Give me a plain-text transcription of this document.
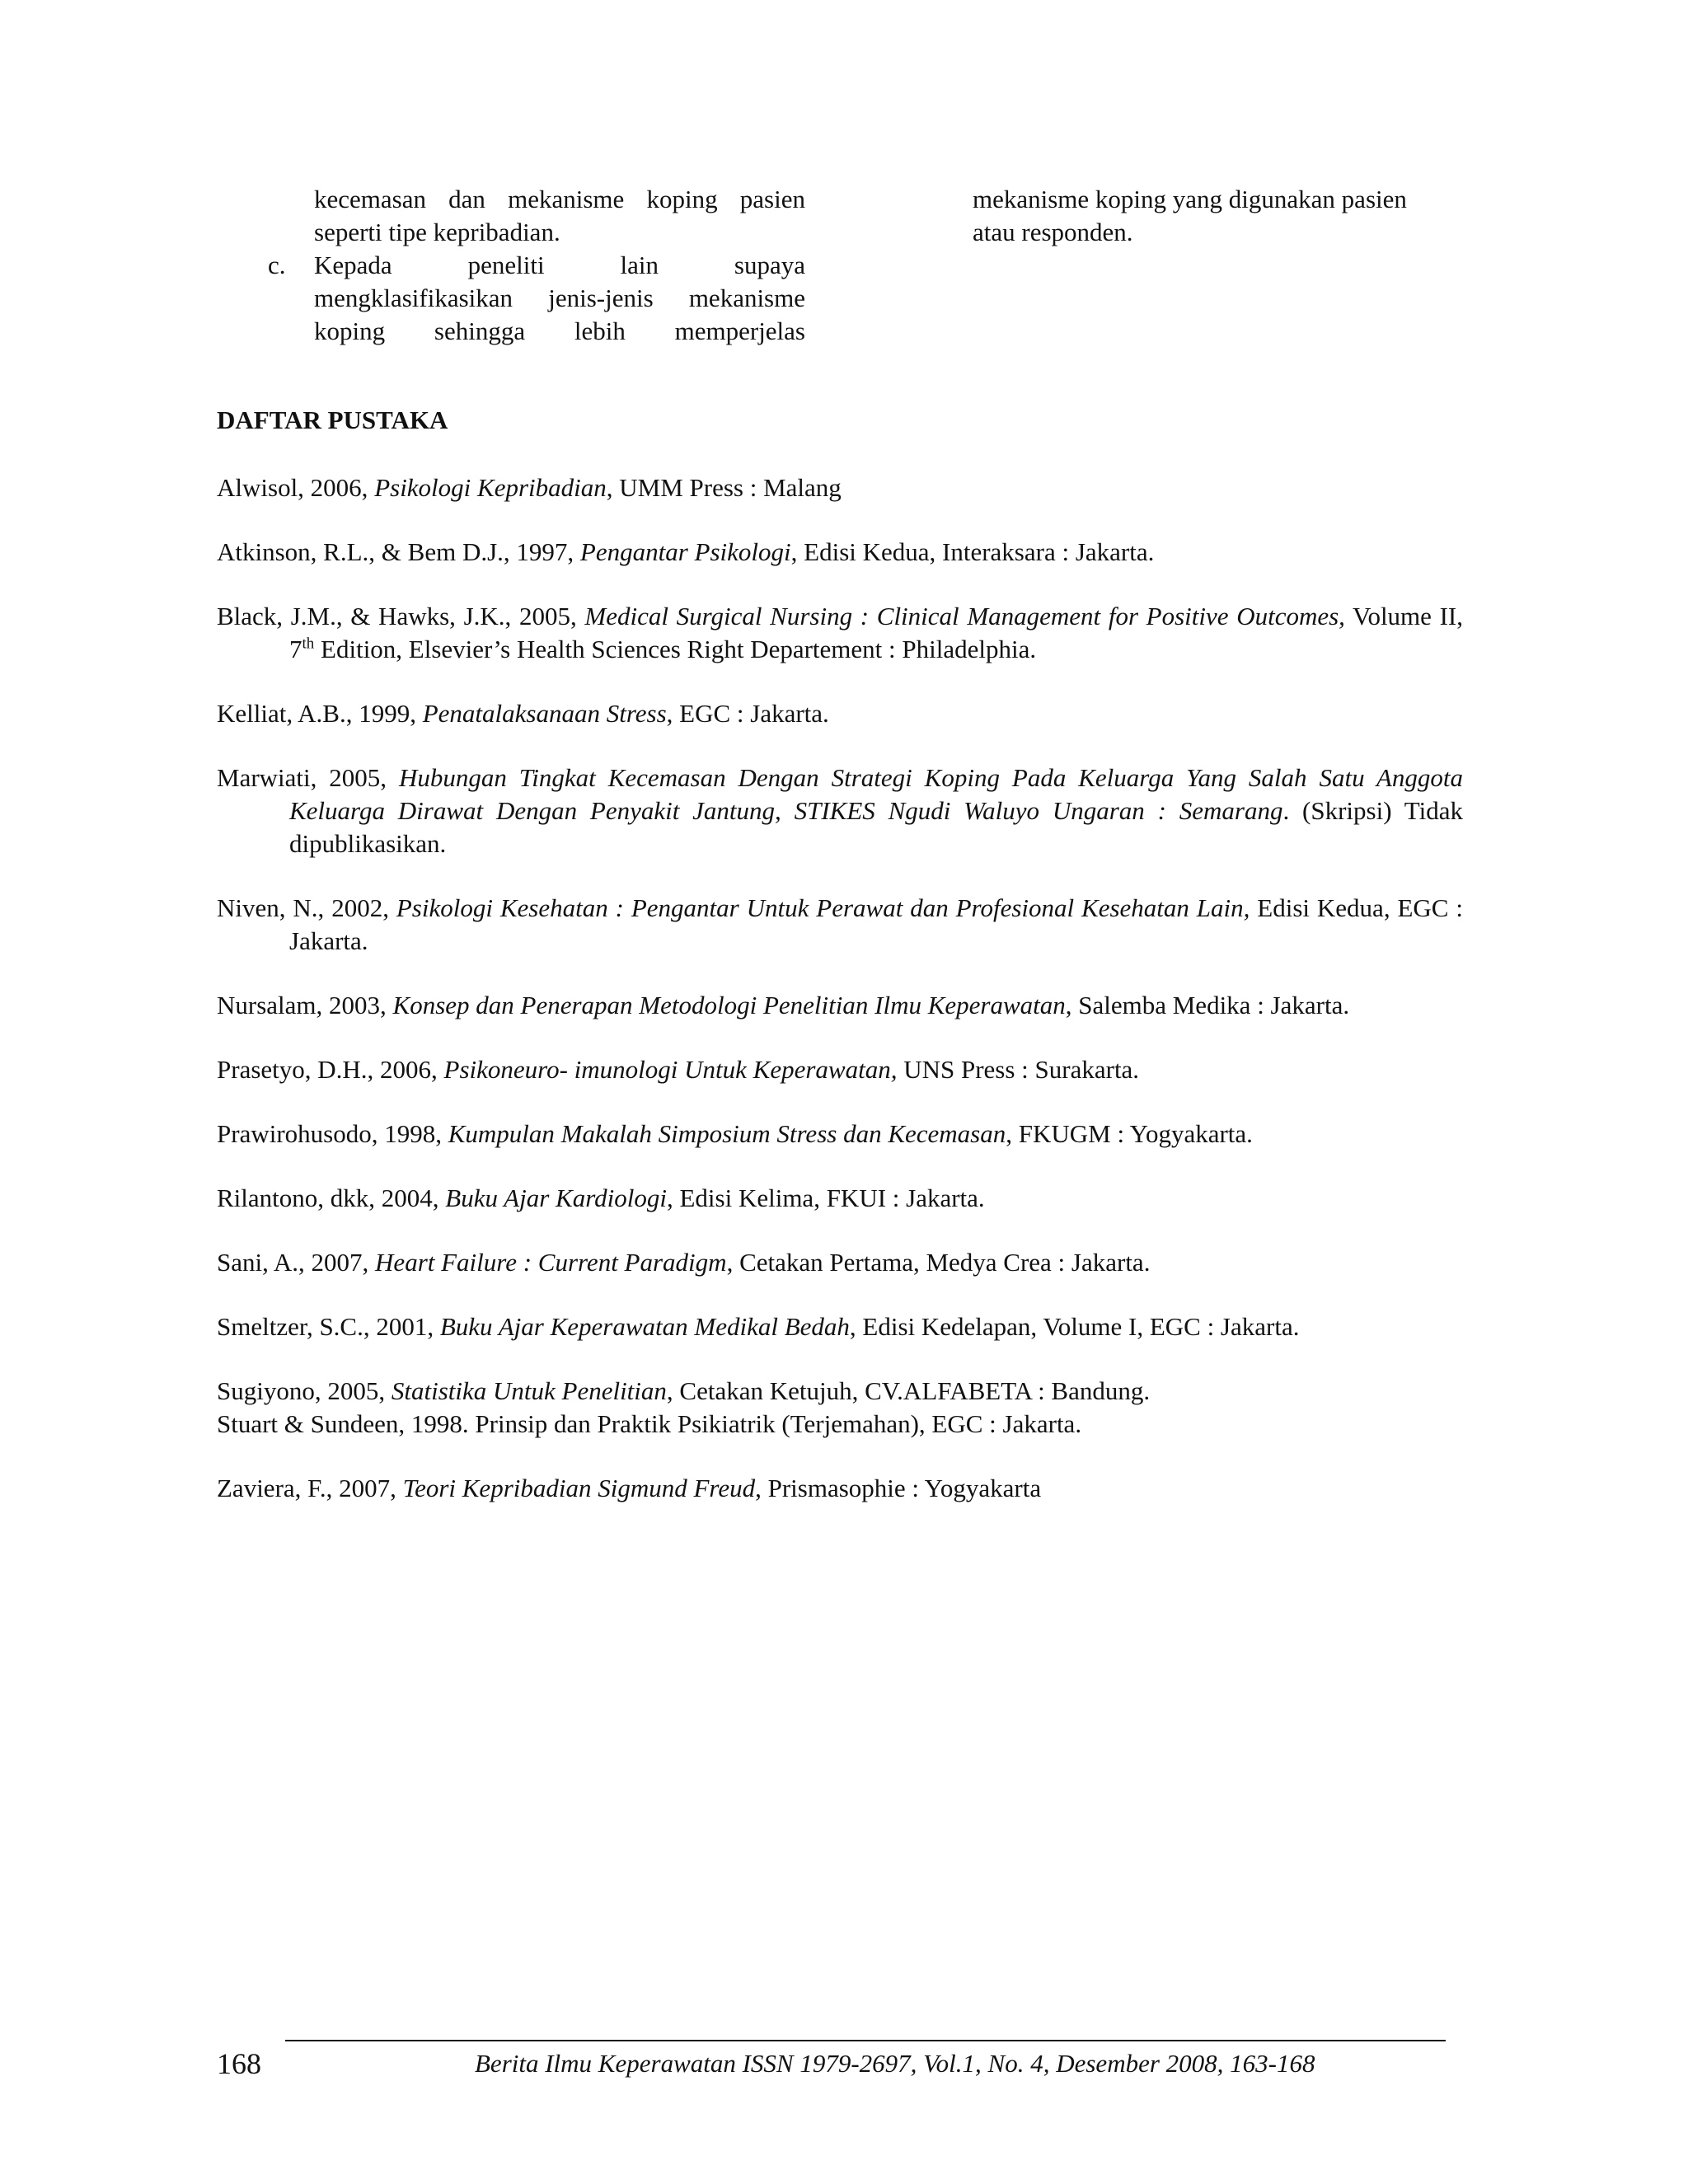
kecemasan dan mekanisme koping pasien
seperti tipe kepribadian.

c.	Kepada peneliti lain supaya
mengklasifikasikan jenis-jenis mekanisme
koping sehingga lebih memperjelas

mekanisme koping yang digunakan pasien
atau responden.
DAFTAR PUSTAKA

Alwisol, 2006, Psikologi Kepribadian, UMM Press : Malang

Atkinson, R.L., & Bem D.J., 1997, Pengantar Psikologi, Edisi Kedua, Interaksara : Jakarta.

Black, J.M., & Hawks, J.K., 2005, Medical Surgical Nursing : Clinical Management for Positive Outcomes, Volume II, 7th Edition, Elsevier’s Health Sciences Right Departement : Philadelphia.

Kelliat, A.B., 1999, Penatalaksanaan Stress, EGC : Jakarta.

Marwiati, 2005, Hubungan Tingkat Kecemasan Dengan Strategi Koping Pada Keluarga Yang Salah Satu Anggota Keluarga Dirawat Dengan Penyakit Jantung, STIKES Ngudi Waluyo Ungaran : Semarang. (Skripsi) Tidak dipublikasikan.

Niven, N., 2002, Psikologi Kesehatan : Pengantar Untuk Perawat dan Profesional Kesehatan Lain, Edisi Kedua, EGC : Jakarta.

Nursalam, 2003, Konsep dan Penerapan Metodologi Penelitian Ilmu Keperawatan, Salemba Medika : Jakarta.

Prasetyo, D.H., 2006, Psikoneuro- imunologi Untuk Keperawatan, UNS Press : Surakarta.

Prawirohusodo, 1998, Kumpulan Makalah Simposium Stress dan Kecemasan, FKUGM : Yogyakarta.

Rilantono, dkk, 2004, Buku Ajar Kardiologi, Edisi Kelima, FKUI : Jakarta.

Sani, A., 2007, Heart Failure : Current Paradigm, Cetakan Pertama, Medya Crea : Jakarta.

Smeltzer, S.C., 2001, Buku Ajar Keperawatan Medikal Bedah, Edisi Kedelapan, Volume I, EGC : Jakarta.

Sugiyono, 2005, Statistika Untuk Penelitian, Cetakan Ketujuh, CV.ALFABETA : Bandung.

Stuart & Sundeen, 1998. Prinsip dan Praktik Psikiatrik (Terjemahan), EGC : Jakarta.

Zaviera, F., 2007, Teori Kepribadian Sigmund Freud, Prismasophie : Yogyakarta

168	Berita Ilmu Keperawatan ISSN 1979-2697, Vol.1, No. 4, Desember 2008, 163-168
